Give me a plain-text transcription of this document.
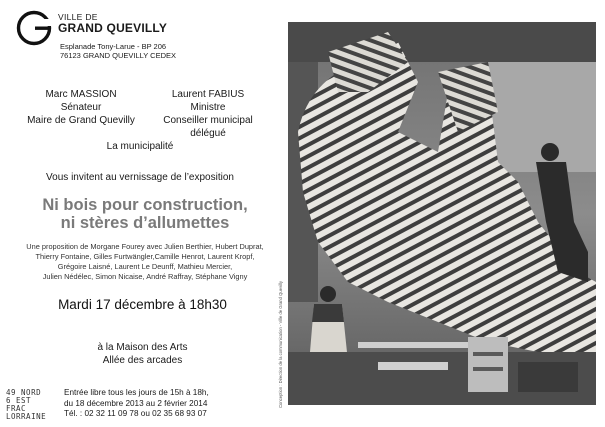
VILLE DE
GRAND QUEVILLY
Esplanade Tony-Larue - BP 206
76123 GRAND QUEVILLY CEDEX
Marc MASSION
Sénateur
Maire de Grand Quevilly
Laurent FABIUS
Ministre
Conseiller municipal délégué
La municipalité
Vous invitent au vernissage de l’exposition
Ni bois pour construction,
ni stères d’allumettes
Une proposition de Morgane Fourey avec Julien Berthier, Hubert Duprat,
Thierry Fontaine, Gilles Furtwängler,Camille Henrot, Laurent Kropf,
Grégoire Laisné, Laurent Le Deunff, Mathieu Mercier,
Julien Nédélec, Simon Nicaise, André Raffray, Stéphane Vigny
Mardi 17 décembre à 18h30
à la Maison des Arts
Allée des arcades
49 NORD
6 EST
FRAC
LORRAINE
Entrée libre tous les jours de 15h à 18h,
du 18 décembre 2013 au 2 février 2014
Tél. : 02 32 11 09 78 ou 02 35 68 93 07
Conception : Direction de la communication - Ville de Grand Quevilly
